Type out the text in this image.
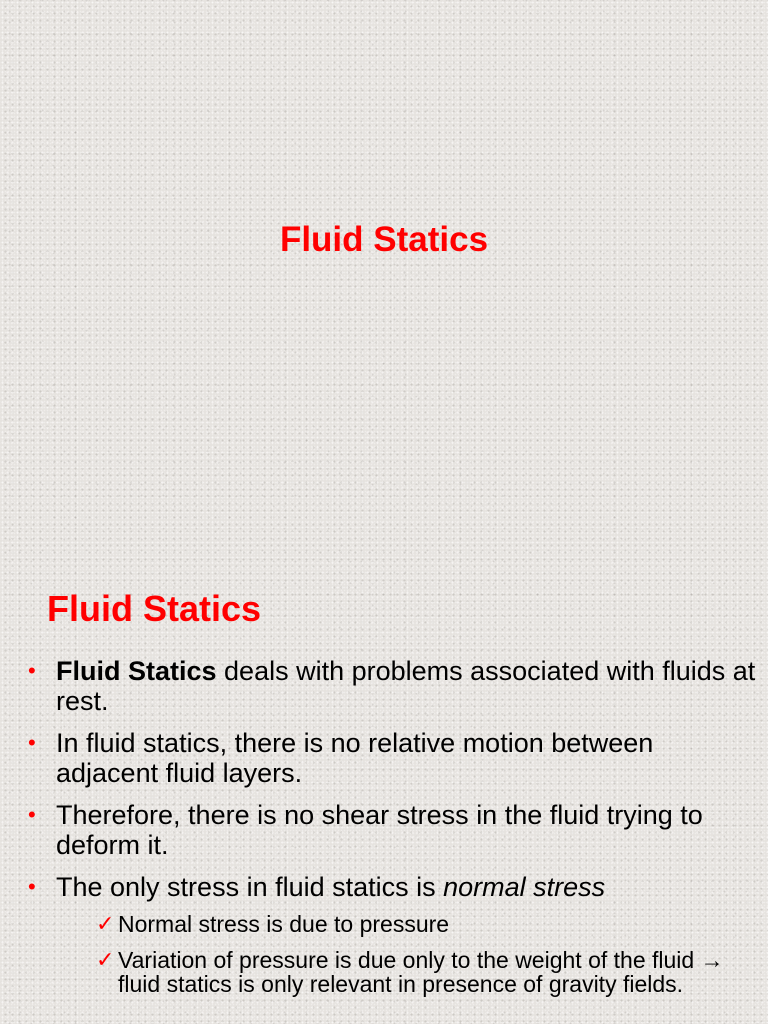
Fluid Statics
Fluid Statics
• Fluid Statics deals with problems associated with fluids at rest.
• In fluid statics, there is no relative motion between adjacent fluid layers.
• Therefore, there is no shear stress in the fluid trying to deform it.
• The only stress in fluid statics is normal stress
✓ Normal stress is due to pressure
✓ Variation of pressure is due only to the weight of the fluid → fluid statics is only relevant in presence of gravity fields.
